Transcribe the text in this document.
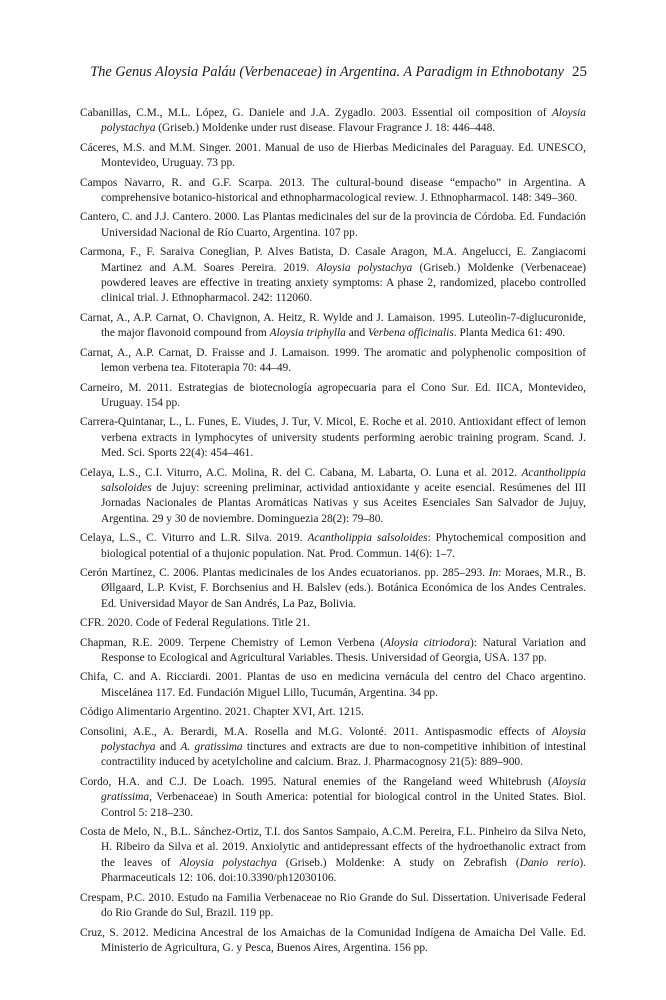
The Genus Aloysia Paláu (Verbenaceae) in Argentina. A Paradigm in Ethnobotany 25

Cabanillas, C.M., M.L. López, G. Daniele and J.A. Zygadlo. 2003. Essential oil composition of Aloysia polystachya (Griseb.) Moldenke under rust disease. Flavour Fragrance J. 18: 446–448.

Cáceres, M.S. and M.M. Singer. 2001. Manual de uso de Hierbas Medicinales del Paraguay. Ed. UNESCO, Montevideo, Uruguay. 73 pp.

Campos Navarro, R. and G.F. Scarpa. 2013. The cultural-bound disease “empacho” in Argentina. A comprehensive botanico-historical and ethnopharmacological review. J. Ethnopharmacol. 148: 349–360.

Cantero, C. and J.J. Cantero. 2000. Las Plantas medicinales del sur de la provincia de Córdoba. Ed. Fundación Universidad Nacional de Río Cuarto, Argentina. 107 pp.

Carmona, F., F. Saraiva Coneglian, P. Alves Batista, D. Casale Aragon, M.A. Angelucci, E. Zangiacomi Martinez and A.M. Soares Pereira. 2019. Aloysia polystachya (Griseb.) Moldenke (Verbenaceae) powdered leaves are effective in treating anxiety symptoms: A phase 2, randomized, placebo controlled clinical trial. J. Ethnopharmacol. 242: 112060.

Carnat, A., A.P. Carnat, O. Chavignon, A. Heitz, R. Wylde and J. Lamaison. 1995. Luteolin-7-diglucuronide, the major flavonoid compound from Aloysia triphylla and Verbena officinalis. Planta Medica 61: 490.

Carnat, A., A.P. Carnat, D. Fraisse and J. Lamaison. 1999. The aromatic and polyphenolic composition of lemon verbena tea. Fitoterapia 70: 44–49.

Carneiro, M. 2011. Estrategias de biotecnología agropecuaria para el Cono Sur. Ed. IICA, Montevideo, Uruguay. 154 pp.

Carrera-Quintanar, L., L. Funes, E. Viudes, J. Tur, V. Micol, E. Roche et al. 2010. Antioxidant effect of lemon verbena extracts in lymphocytes of university students performing aerobic training program. Scand. J. Med. Sci. Sports 22(4): 454–461.

Celaya, L.S., C.I. Viturro, A.C. Molina, R. del C. Cabana, M. Labarta, O. Luna et al. 2012. Acantholippia salsoloides de Jujuy: screening preliminar, actividad antioxidante y aceite esencial. Resúmenes del III Jornadas Nacionales de Plantas Aromáticas Nativas y sus Aceites Esenciales San Salvador de Jujuy, Argentina. 29 y 30 de noviembre. Dominguezia 28(2): 79–80.

Celaya, L.S., C. Viturro and L.R. Silva. 2019. Acantholippia salsoloides: Phytochemical composition and biological potential of a thujonic population. Nat. Prod. Commun. 14(6): 1–7.

Cerón Martínez, C. 2006. Plantas medicinales de los Andes ecuatorianos. pp. 285–293. In: Moraes, M.R., B. Øllgaard, L.P. Kvist, F. Borchsenius and H. Balslev (eds.). Botánica Económica de los Andes Centrales. Ed. Universidad Mayor de San Andrés, La Paz, Bolivia.

CFR. 2020. Code of Federal Regulations. Title 21.

Chapman, R.E. 2009. Terpene Chemistry of Lemon Verbena (Aloysia citriodora): Natural Variation and Response to Ecological and Agricultural Variables. Thesis. Universidad of Georgia, USA. 137 pp.

Chifa, C. and A. Ricciardi. 2001. Plantas de uso en medicina vernácula del centro del Chaco argentino. Miscelánea 117. Ed. Fundación Miguel Lillo, Tucumán, Argentina. 34 pp.

Código Alimentario Argentino. 2021. Chapter XVI, Art. 1215.

Consolini, A.E., A. Berardi, M.A. Rosella and M.G. Volonté. 2011. Antispasmodic effects of Aloysia polystachya and A. gratissima tinctures and extracts are due to non-competitive inhibition of intestinal contractility induced by acetylcholine and calcium. Braz. J. Pharmacognosy 21(5): 889–900.

Cordo, H.A. and C.J. De Loach. 1995. Natural enemies of the Rangeland weed Whitebrush (Aloysia gratissima, Verbenaceae) in South America: potential for biological control in the United States. Biol. Control 5: 218–230.

Costa de Melo, N., B.L. Sánchez-Ortiz, T.I. dos Santos Sampaio, A.C.M. Pereira, F.L. Pinheiro da Silva Neto, H. Ribeiro da Silva et al. 2019. Anxiolytic and antidepressant effects of the hydroethanolic extract from the leaves of Aloysia polystachya (Griseb.) Moldenke: A study on Zebrafish (Danio rerio). Pharmaceuticals 12: 106. doi:10.3390/ph12030106.

Crespam, P.C. 2010. Estudo na Familia Verbenaceae no Rio Grande do Sul. Dissertation. Univerisade Federal do Rio Grande do Sul, Brazil. 119 pp.

Cruz, S. 2012. Medicina Ancestral de los Amaichas de la Comunidad Indígena de Amaicha Del Valle. Ed. Ministerio de Agricultura, G. y Pesca, Buenos Aires, Argentina. 156 pp.
